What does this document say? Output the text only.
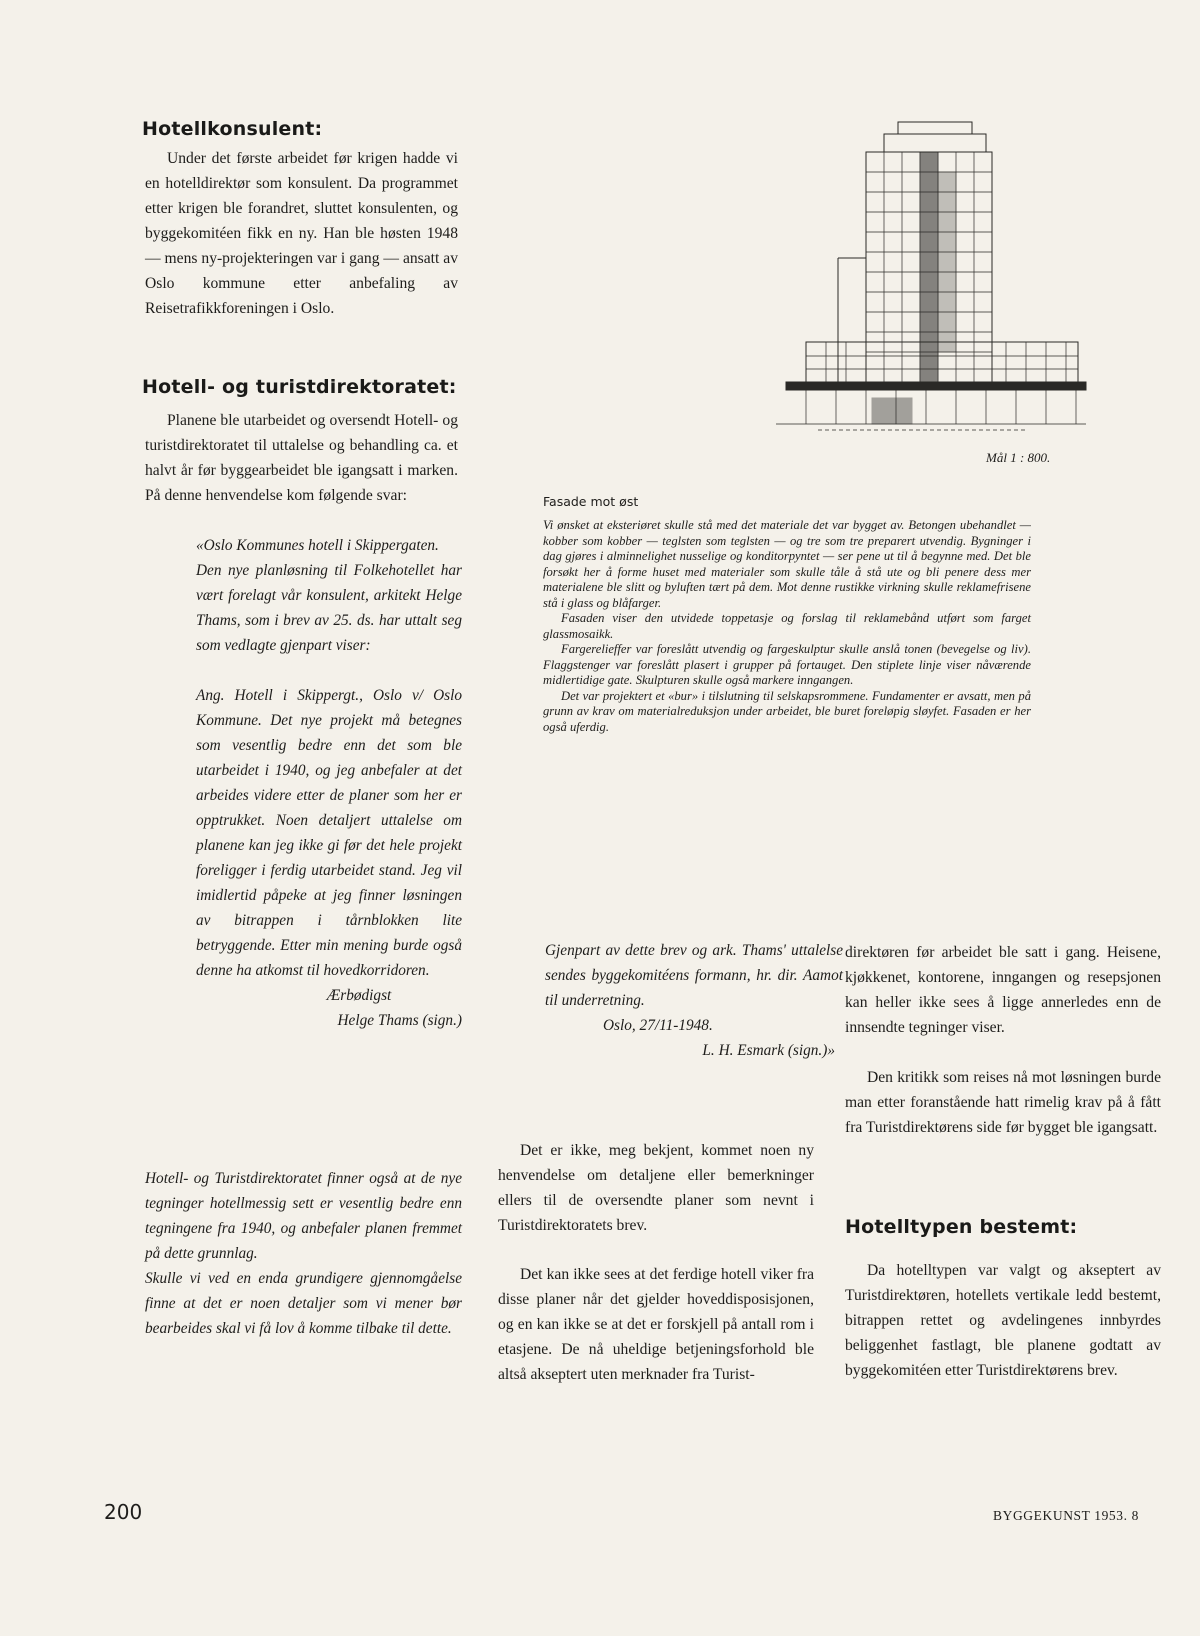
Hotellkonsulent:

Under det første arbeidet før krigen hadde vi en hotelldirektør som konsulent. Da programmet etter krigen ble forandret, sluttet konsulenten, og byggekomitéen fikk en ny. Han ble høsten 1948 — mens ny-projekteringen var i gang — ansatt av Oslo kommune etter anbefaling av Reisetrafikkforeningen i Oslo.

Hotell- og turistdirektoratet:

Planene ble utarbeidet og oversendt Hotell- og turistdirektoratet til uttalelse og behandling ca. et halvt år før byggearbeidet ble igangsatt i marken. På denne henvendelse kom følgende svar:

«Oslo Kommunes hotell i Skippergaten.

Den nye planløsning til Folkehotellet har vært forelagt vår konsulent, arkitekt Helge Thams, som i brev av 25. ds. har uttalt seg som vedlagte gjenpart viser:

Ang. Hotell i Skippergt., Oslo v/ Oslo Kommune. Det nye projekt må betegnes som vesentlig bedre enn det som ble utarbeidet i 1940, og jeg anbefaler at det arbeides videre etter de planer som her er opptrukket. Noen detaljert uttalelse om planene kan jeg ikke gi før det hele projekt foreligger i ferdig utarbeidet stand. Jeg vil imidlertid påpeke at jeg finner løsningen av bitrappen i tårnblokken lite betryggende. Etter min mening burde også denne ha atkomst til hovedkorridoren.

Ærbødigst

Helge Thams (sign.)

Hotell- og Turistdirektoratet finner også at de nye tegninger hotellmessig sett er vesentlig bedre enn tegningene fra 1940, og anbefaler planen fremmet på dette grunnlag.

Skulle vi ved en enda grundigere gjennomgåelse finne at det er noen detaljer som vi mener bør bearbeides skal vi få lov å komme tilbake til dette.

Mål 1 : 800.
Fasade mot øst

Vi ønsket at eksteriøret skulle stå med det materiale det var bygget av. Betongen ubehandlet — kobber som kobber — teglsten som teglsten — og tre som tre preparert utvendig. Bygninger i dag gjøres i alminnelighet nusselige og konditorpyntet — ser pene ut til å begynne med. Det ble forsøkt her å forme huset med materialer som skulle tåle å stå ute og bli penere dess mer materialene ble slitt og byluften tært på dem. Mot denne rustikke virkning skulle reklamefrisene stå i glass og blåfarger.

Fasaden viser den utvidede toppetasje og forslag til reklamebånd utført som farget glassmosaikk.

Fargerelieffer var foreslått utvendig og fargeskulptur skulle anslå tonen (bevegelse og liv). Flaggstenger var foreslått plasert i grupper på fortauget. Den stiplete linje viser nåværende midlertidige gate. Skulpturen skulle også markere inngangen.

Det var projektert et «bur» i tilslutning til selskapsrommene. Fundamenter er avsatt, men på grunn av krav om materialreduksjon under arbeidet, ble buret foreløpig sløyfet. Fasaden er her også uferdig.

Gjenpart av dette brev og ark. Thams' uttalelse sendes byggekomitéens formann, hr. dir. Aamot til underretning.

Oslo, 27/11-1948.

L. H. Esmark (sign.)»

Det er ikke, meg bekjent, kommet noen ny henvendelse om detaljene eller bemerkninger ellers til de oversendte planer som nevnt i Turistdirektoratets brev.

Det kan ikke sees at det ferdige hotell viker fra disse planer når det gjelder hoveddisposisjonen, og en kan ikke se at det er forskjell på antall rom i etasjene. De nå uheldige betjeningsforhold ble altså akseptert uten merknader fra Turist-

direktøren før arbeidet ble satt i gang. Heisene, kjøkkenet, kontorene, inngangen og resepsjonen kan heller ikke sees å ligge annerledes enn de innsendte tegninger viser.

Den kritikk som reises nå mot løsningen burde man etter foranstående hatt rimelig krav på å fått fra Turistdirektørens side før bygget ble igangsatt.

Hotelltypen bestemt:

Da hotelltypen var valgt og akseptert av Turistdirektøren, hotellets vertikale ledd bestemt, bitrappen rettet og avdelingenes innbyrdes beliggenhet fastlagt, ble planene godtatt av byggekomitéen etter Turistdirektørens brev.

200	BYGGEKUNST 1953. 8
